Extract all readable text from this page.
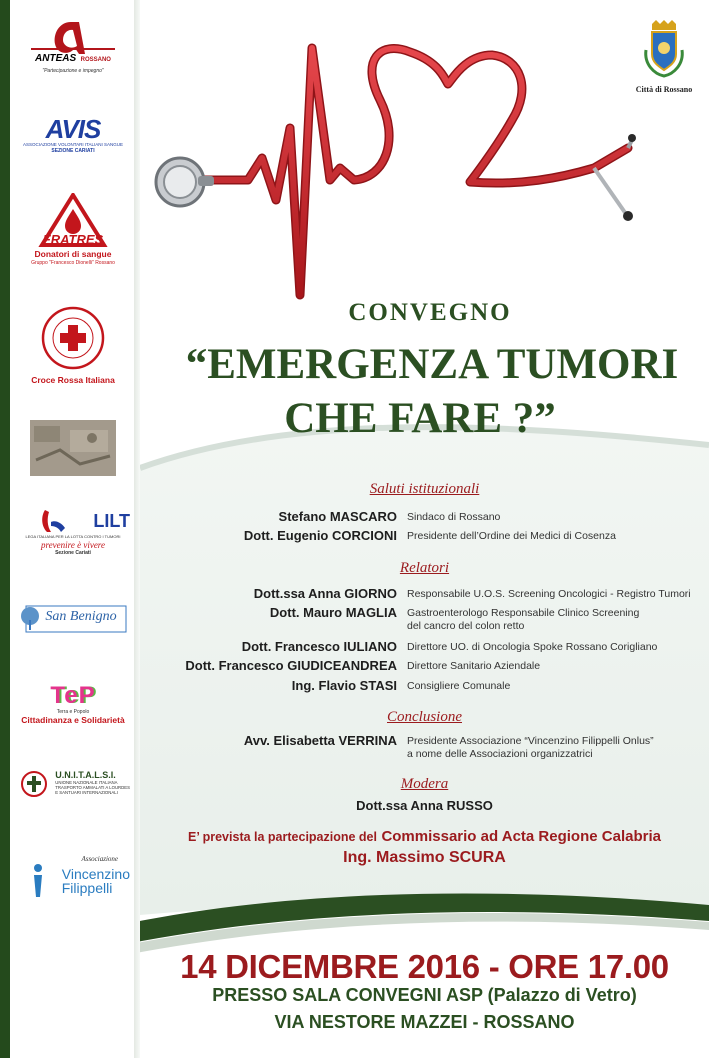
ANTEAS ROSSANO
"Partecipazione e impegno"
AVIS
ASSOCIAZIONE VOLONTARI ITALIANI SANGUE
SEZIONE CARIATI
FRATRES
Donatori di sangue
Gruppo "Francesco Dionelli" Rossano
Croce Rossa Italiana
LILT
LEGA ITALIANA PER LA LOTTA CONTRO I TUMORI
prevenire è vivere
Sezione Cariati
San Benigno
TeP
Terra e Popolo
Cittadinanza e Solidarietà
U.N.I.T.A.L.S.I.
UNIONE NAZIONALE ITALIANA
TRASPORTO AMMALATI A LOURDES
E SANTUARI INTERNAZIONALI
Associazione
Vincenzino
Filippelli
Città di Rossano
CONVEGNO
“EMERGENZA TUMORI
CHE FARE ?”
Saluti istituzionali
Stefano MASCARO Sindaco di Rossano
Dott. Eugenio CORCIONI Presidente dell’Ordine dei Medici di Cosenza
Relatori
Dott.ssa Anna GIORNO Responsabile U.O.S. Screening Oncologici - Registro Tumori
Dott. Mauro MAGLIA Gastroenterologo Responsabile Clinico Screening
del cancro del colon retto
Dott. Francesco IULIANO Direttore UO. di Oncologia Spoke Rossano Corigliano
Dott. Francesco GIUDICEANDREA Direttore Sanitario Aziendale
Ing. Flavio STASI Consigliere Comunale
Conclusione
Avv. Elisabetta VERRINA Presidente Associazione “Vincenzino Filippelli Onlus”
a nome delle Associazioni organizzatrici
Modera
Dott.ssa Anna RUSSO
E’ prevista la partecipazione del Commissario ad Acta Regione Calabria
Ing. Massimo SCURA
14 DICEMBRE 2016 - ORE 17.00
PRESSO SALA CONVEGNI ASP (Palazzo di Vetro)
VIA NESTORE MAZZEI - ROSSANO
